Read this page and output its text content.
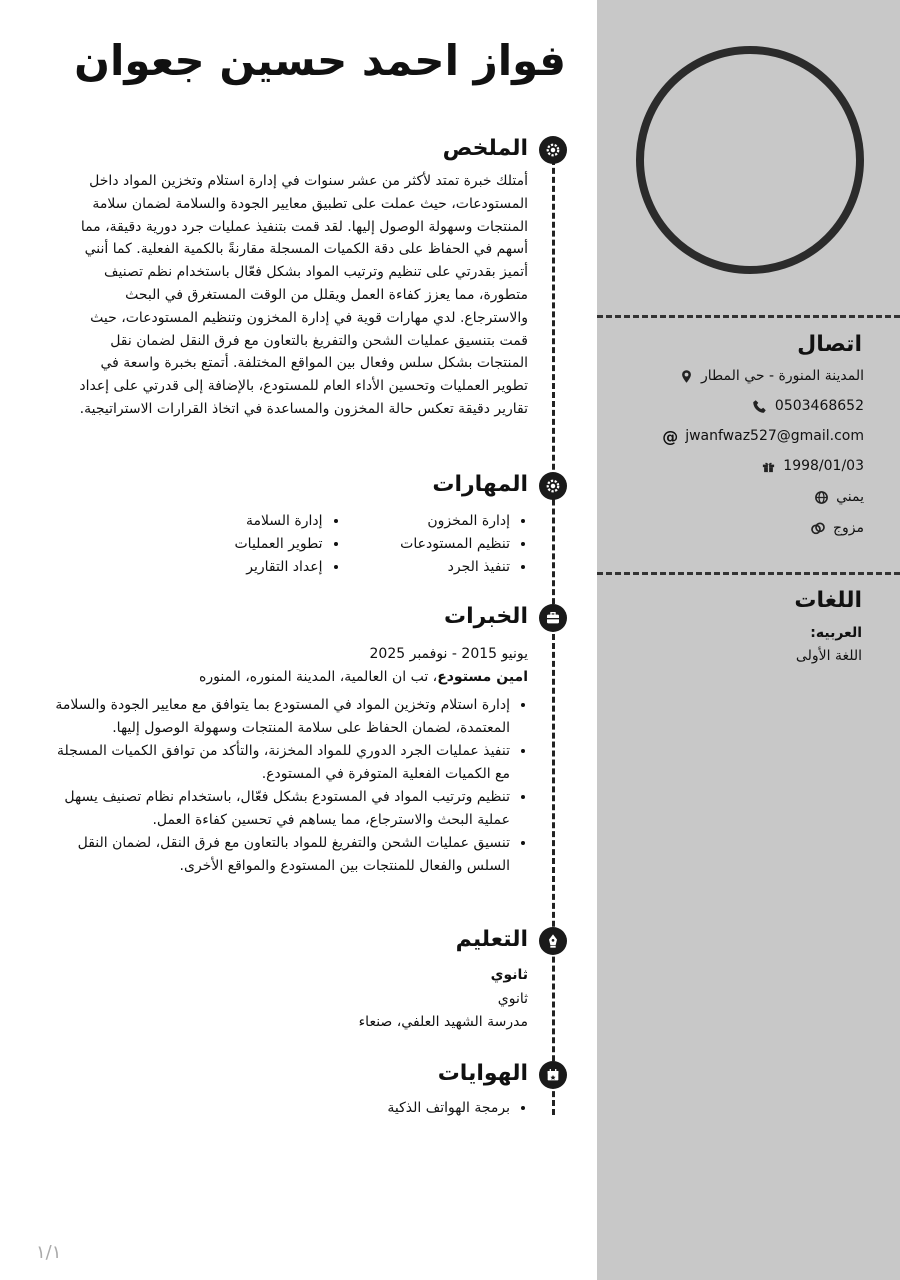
اتصال
المدينة المنورة - حي المطار
0503468652
@ jwanfwaz527@gmail.com
1998/01/03
يمني
مزوج
اللغات
العربيه:
اللغة الأولى
فواز احمد حسين جعوان
الملخص
أمتلك خبرة تمتد لأكثر من عشر سنوات في إدارة استلام وتخزين المواد داخل المستودعات، حيث عملت على تطبيق معايير الجودة والسلامة لضمان سلامة المنتجات وسهولة الوصول إليها. لقد قمت بتنفيذ عمليات جرد دورية دقيقة، مما أسهم في الحفاظ على دقة الكميات المسجلة مقارنةً بالكمية الفعلية. كما أنني أتميز بقدرتي على تنظيم وترتيب المواد بشكل فعّال باستخدام نظم تصنيف متطورة، مما يعزز كفاءة العمل ويقلل من الوقت المستغرق في البحث والاسترجاع. لدي مهارات قوية في إدارة المخزون وتنظيم المستودعات، حيث قمت بتنسيق عمليات الشحن والتفريغ بالتعاون مع فرق النقل لضمان نقل المنتجات بشكل سلس وفعال بين المواقع المختلفة. أتمتع بخبرة واسعة في تطوير العمليات وتحسين الأداء العام للمستودع، بالإضافة إلى قدرتي على إعداد تقارير دقيقة تعكس حالة المخزون والمساعدة في اتخاذ القرارات الاستراتيجية.
المهارات
• إدارة المخزون
• تنظيم المستودعات
• تنفيذ الجرد
• إدارة السلامة
• تطوير العمليات
• إعداد التقارير
الخبرات
يونيو 2015 - نوفمبر 2025
امين مستودع، تب ان العالمية، المدينة المنوره، المنوره
• إدارة استلام وتخزين المواد في المستودع بما يتوافق مع معايير الجودة والسلامة المعتمدة، لضمان الحفاظ على سلامة المنتجات وسهولة الوصول إليها.
• تنفيذ عمليات الجرد الدوري للمواد المخزنة، والتأكد من توافق الكميات المسجلة مع الكميات الفعلية المتوفرة في المستودع.
• تنظيم وترتيب المواد في المستودع بشكل فعّال، باستخدام نظام تصنيف يسهل عملية البحث والاسترجاع، مما يساهم في تحسين كفاءة العمل.
• تنسيق عمليات الشحن والتفريغ للمواد بالتعاون مع فرق النقل، لضمان النقل السلس والفعال للمنتجات بين المستودع والمواقع الأخرى.
التعليم
ثانوي
ثانوي
مدرسة الشهيد العلفي، صنعاء
الهوايات
• برمجة الهواتف الذكية
١/١
